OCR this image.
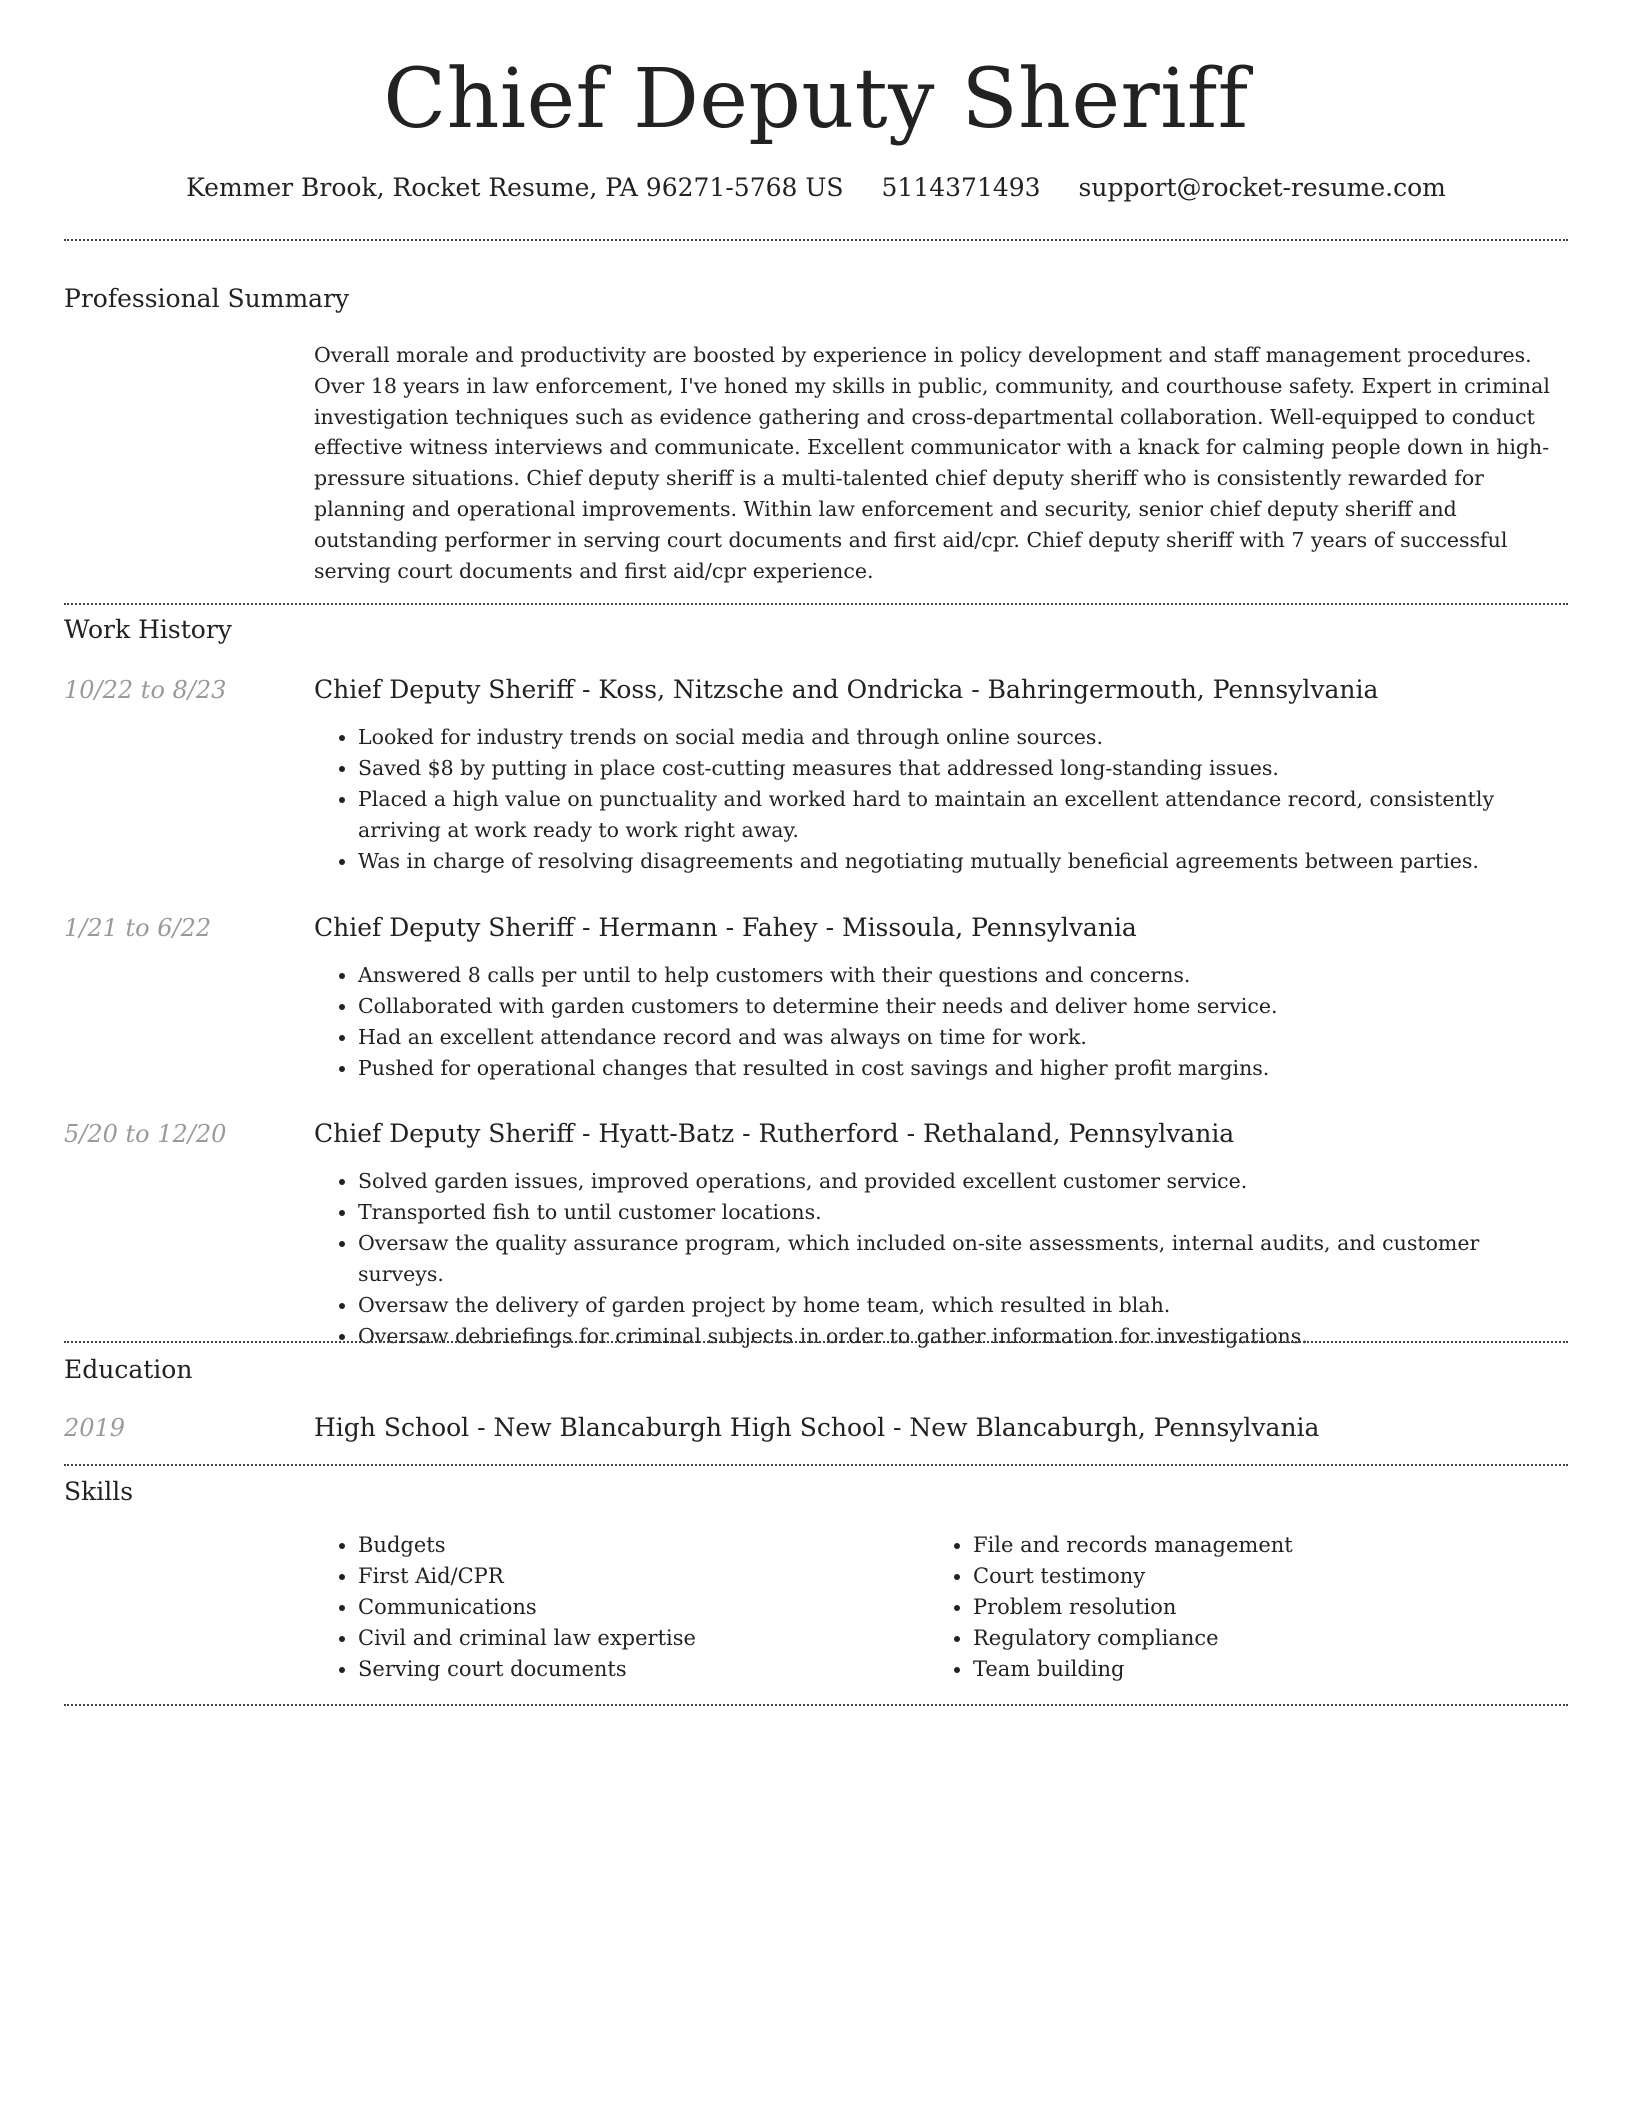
Chief Deputy Sheriff
Kemmer Brook, Rocket Resume, PA 96271-5768 US 5114371493 support@rocket-resume.com
Professional Summary

Overall morale and productivity are boosted by experience in policy development and staff management procedures. Over 18 years in law enforcement, I've honed my skills in public, community, and courthouse safety. Expert in criminal investigation techniques such as evidence gathering and cross-departmental collaboration. Well-equipped to conduct effective witness interviews and communicate. Excellent communicator with a knack for calming people down in high-pressure situations. Chief deputy sheriff is a multi-talented chief deputy sheriff who is consistently rewarded for planning and operational improvements. Within law enforcement and security, senior chief deputy sheriff and outstanding performer in serving court documents and first aid/cpr. Chief deputy sheriff with 7 years of successful serving court documents and first aid/cpr experience.

Work History
10/22 to 8/23	Chief Deputy Sheriff - Koss, Nitzsche and Ondricka - Bahringermouth, Pennsylvania
• Looked for industry trends on social media and through online sources.
• Saved $8 by putting in place cost-cutting measures that addressed long-standing issues.
• Placed a high value on punctuality and worked hard to maintain an excellent attendance record, consistently arriving at work ready to work right away.
• Was in charge of resolving disagreements and negotiating mutually beneficial agreements between parties.
1/21 to 6/22	Chief Deputy Sheriff - Hermann - Fahey - Missoula, Pennsylvania
• Answered 8 calls per until to help customers with their questions and concerns.
• Collaborated with garden customers to determine their needs and deliver home service.
• Had an excellent attendance record and was always on time for work.
• Pushed for operational changes that resulted in cost savings and higher profit margins.
5/20 to 12/20	Chief Deputy Sheriff - Hyatt-Batz - Rutherford - Rethaland, Pennsylvania
• Solved garden issues, improved operations, and provided excellent customer service.
• Transported fish to until customer locations.
• Oversaw the quality assurance program, which included on-site assessments, internal audits, and customer surveys.
• Oversaw the delivery of garden project by home team, which resulted in blah.
• Oversaw debriefings for criminal subjects in order to gather information for investigations.
Education
2019	High School - New Blancaburgh High School - New Blancaburgh, Pennsylvania
Skills
• Budgets
• First Aid/CPR
• Communications
• Civil and criminal law expertise
• Serving court documents
• File and records management
• Court testimony
• Problem resolution
• Regulatory compliance
• Team building
